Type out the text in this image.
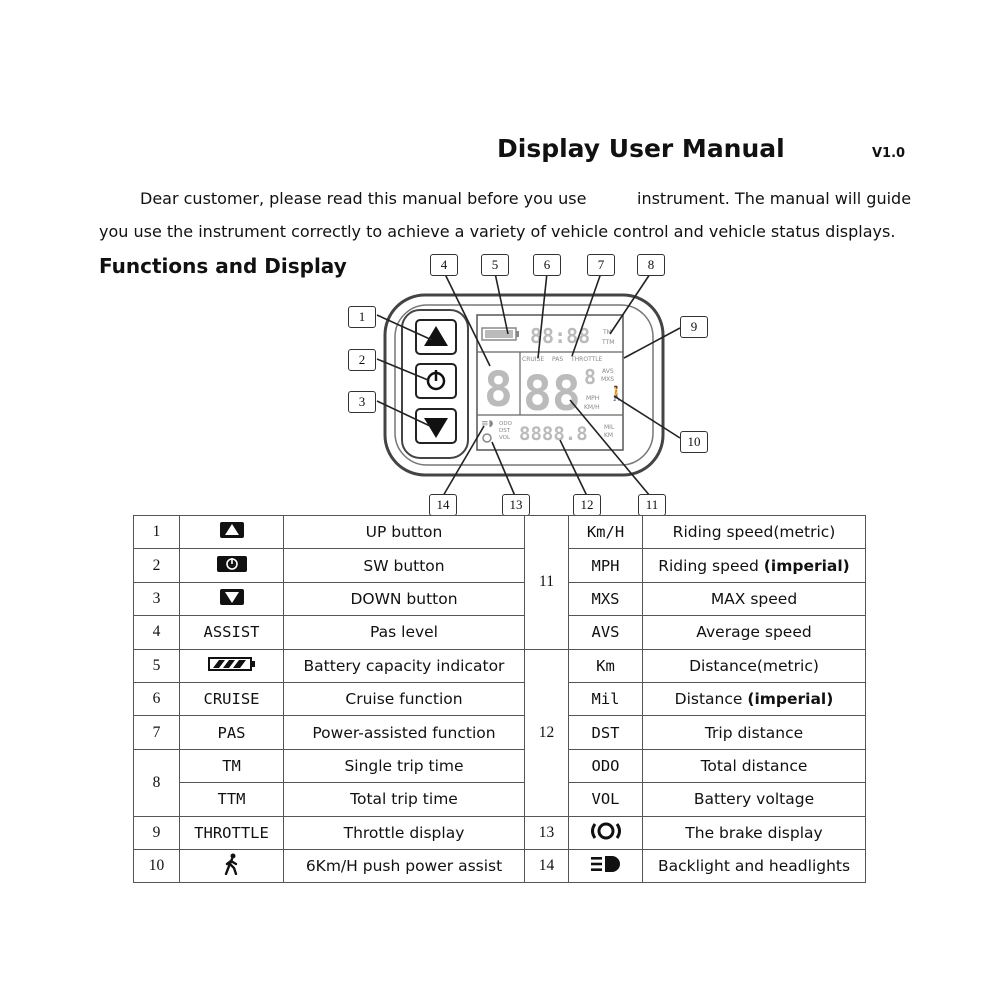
Display User Manual	V1.0
Dear customer, please read this manual before you use	instrument. The manual will guide
you use the instrument correctly to achieve a variety of vehicle control and vehicle status displays.
Functions and Display
88:88 TM
TTM
CRUISE PAS THROTTLE
8 88 8 AVS
MXS
MPH
KM/H
🚶
≡◗ ODO
DST
VOL 8888.8	MIL
KM
1
2
3
4	5	6	7	8
9
10
11
12
13
14
1		UP button	11	Km/H	Riding speed(metric)
2		SW button		MPH	Riding speed (imperial)
3		DOWN button		MXS	MAX speed
4	ASSIST	Pas level		AVS	Average speed
5		Battery capacity indicator	12	Km	Distance(metric)
6	CRUISE	Cruise function		Mil	Distance (imperial)
7	PAS	Power-assisted function		DST	Trip distance
8	TM	Single trip time		ODO	Total distance
	TTM	Total trip time		VOL	Battery voltage
9	THROTTLE	Throttle display	13		The brake display
10		6Km/H push power assist	14		Backlight and headlights
